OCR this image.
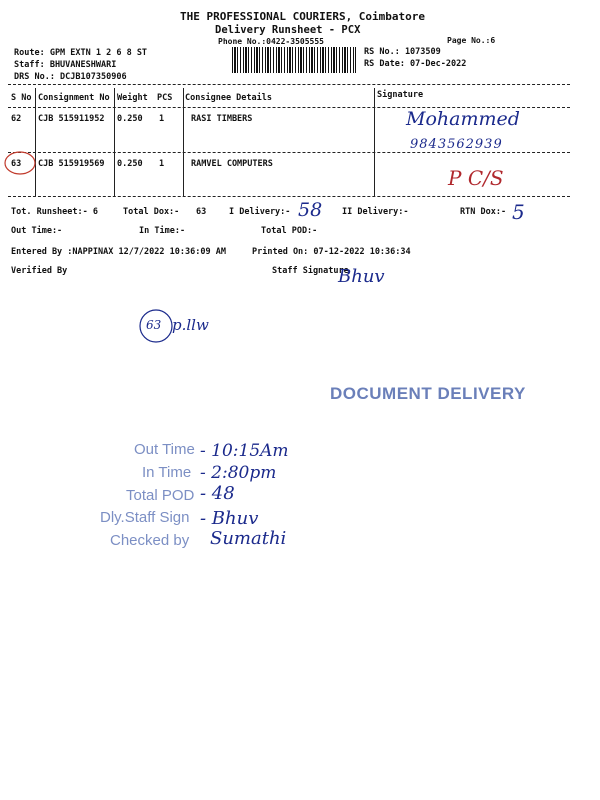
THE PROFESSIONAL COURIERS, Coimbatore
Delivery Runsheet - PCX
Phone No.:0422-3505555	Page No.:6
Route: GPM EXTN 1 2 6 8 ST
Staff: BHUVANESHWARI
DRS No.: DCJB107350906
RS No.: 1073509
RS Date: 07-Dec-2022
S No Consignment No Weight PCS Consignee Details	Signature
62 CJB 515911952 0.250 1	RASI TIMBERS	Mohammed
9843562939
63 CJB 515919569 0.250 1	RAMVEL COMPUTERS
P C/S
Tot. Runsheet:- 6	Total Dox:- 63	I Delivery:- 58 II Delivery:-	RTN Dox:- 5
Out Time:-	In Time:-	Total POD:-
Entered By :NAPPINAX 12/7/2022 10:36:09 AM	Printed On: 07-12-2022 10:36:34
Verified By	Staff Signature
Bhuv
63 p.llw
DOCUMENT DELIVERY
Out Time - 10:15Am
In Time - 2:80pm
Total POD - 48
Dly.Staff Sign - Bhuv
Checked by Sumathi
